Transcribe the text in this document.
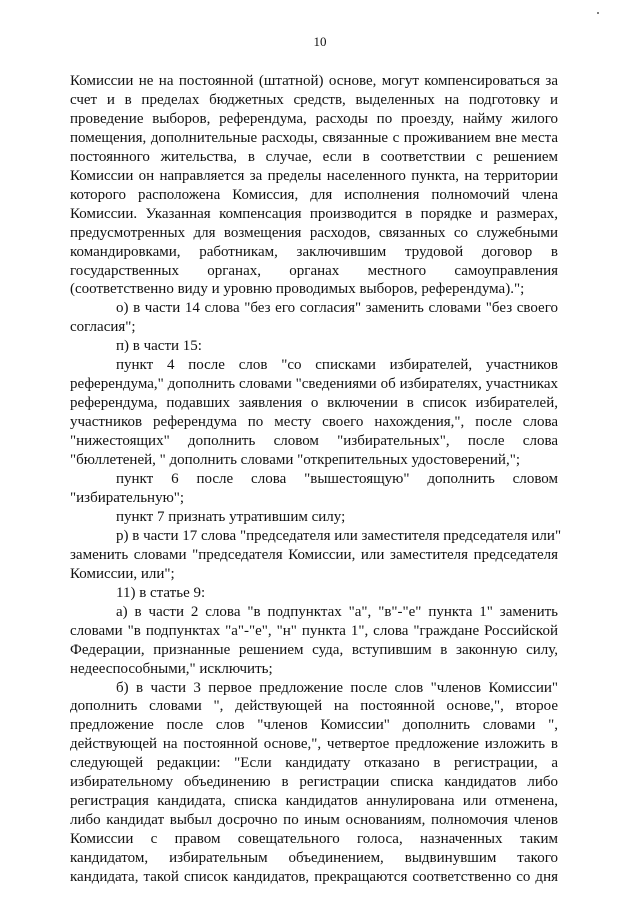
10
Комиссии не на постоянной (штатной) основе, могут компенсироваться за
счет и в пределах бюджетных средств, выделенных на подготовку и
проведение выборов, референдума, расходы по проезду, найму жилого
помещения, дополнительные расходы, связанные с проживанием вне места
постоянного жительства, в случае, если в соответствии с решением
Комиссии он направляется за пределы населенного пункта, на территории
которого расположена Комиссия, для исполнения полномочий члена
Комиссии. Указанная компенсация производится в порядке и размерах,
предусмотренных для возмещения расходов, связанных со служебными
командировками, работникам, заключившим трудовой договор в
государственных органах, органах местного самоуправления
(соответственно виду и уровню проводимых выборов, референдума).";
о) в части 14 слова "без его согласия" заменить словами "без своего
согласия";
п) в части 15:
пункт 4 после слов "со списками избирателей, участников
референдума," дополнить словами "сведениями об избирателях, участниках
референдума, подавших заявления о включении в список избирателей,
участников референдума по месту своего нахождения,", после слова
"нижестоящих" дополнить словом "избирательных", после слова
"бюллетеней, " дополнить словами "открепительных удостоверений,";
пункт 6 после слова "вышестоящую" дополнить словом
"избирательную";
пункт 7 признать утратившим силу;
р) в части 17 слова "председателя или заместителя председателя или"
заменить словами "председателя Комиссии, или заместителя председателя
Комиссии, или";
11) в статье 9:
а) в части 2 слова "в подпунктах "а", "в"-"е" пункта 1" заменить
словами "в подпунктах "а"-"е", "н" пункта 1", слова "граждане Российской
Федерации, признанные решением суда, вступившим в законную силу,
недееспособными," исключить;
б) в части 3 первое предложение после слов "членов Комиссии"
дополнить словами ", действующей на постоянной основе,", второе
предложение после слов "членов Комиссии" дополнить словами ",
действующей на постоянной основе,", четвертое предложение изложить в
следующей редакции: "Если кандидату отказано в регистрации, а
избирательному объединению в регистрации списка кандидатов либо
регистрация кандидата, списка кандидатов аннулирована или отменена,
либо кандидат выбыл досрочно по иным основаниям, полномочия членов
Комиссии с правом совещательного голоса, назначенных таким
кандидатом, избирательным объединением, выдвинувшим такого
кандидата, такой список кандидатов, прекращаются соответственно со дня
